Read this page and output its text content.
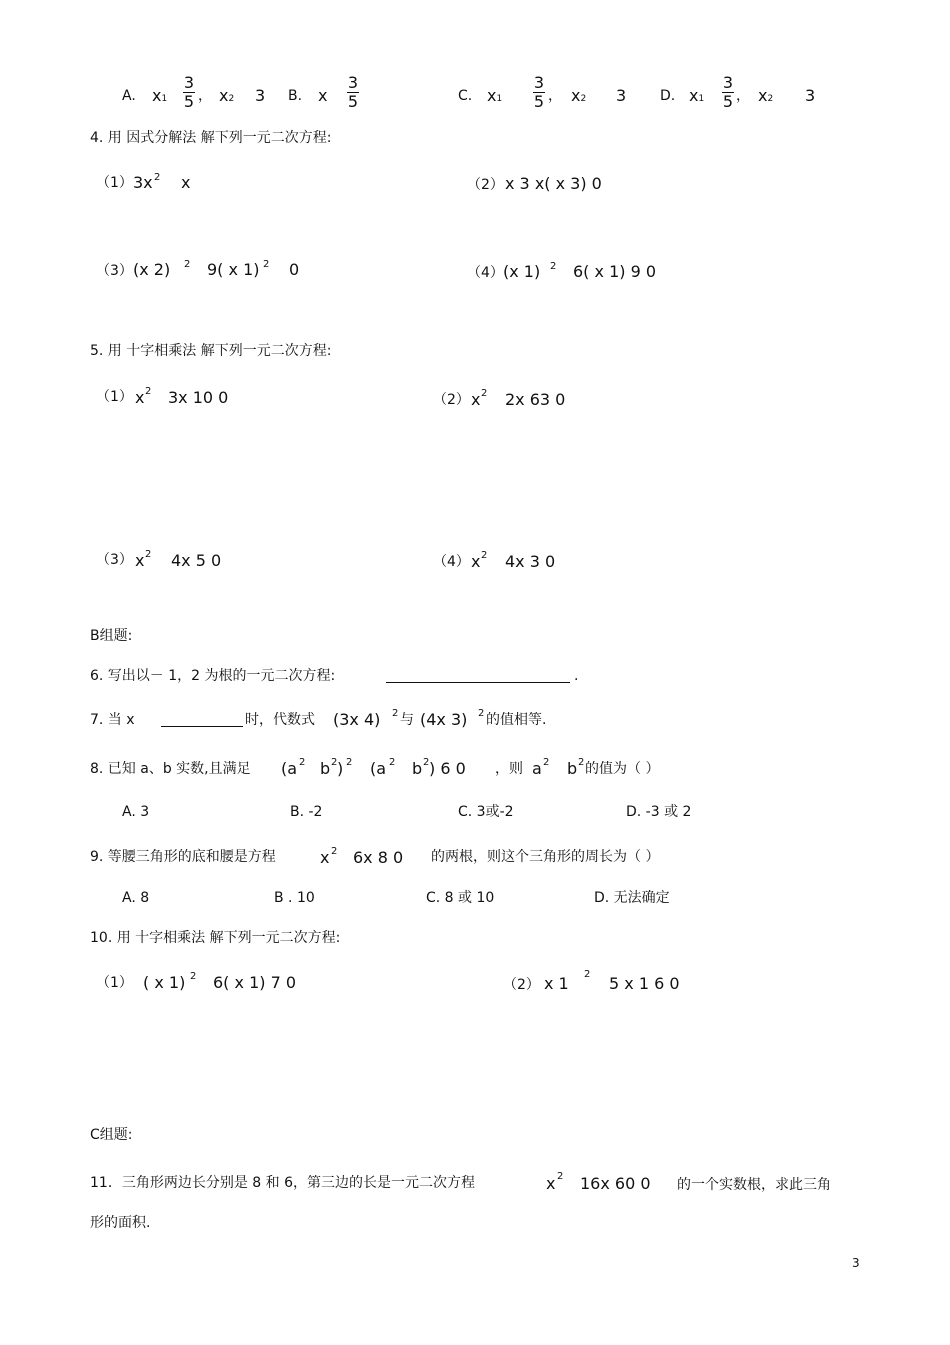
A. x1
3
5 ， x2 3 B. x
3
5	C. x1
3
5 ， x2 3 D. x1
3
5 ， x2 3
4. 用 因式分解法 解下列一元二次方程:
（1） 3x 2 x	（2） x 3 x( x 3) 0
（3） (x 2) 2 9( x 1) 2 0	（4） (x 1) 2 6( x 1) 9 0
5. 用 十字相乘法 解下列一元二次方程:
（1） x 2 3x 10 0	（2） x 2 2x 63 0
（3） x 2 4x 5 0	（4） x 2 4x 3 0
B组题:
6. 写出以－ 1，2 为根的一元二次方程:	.
7. 当 x	时，代数式 (3x 4) 2 与 (4x 3) 2 的值相等.
8. 已知 a、b 实数,且满足 (a 2 b 2 ) 2 (a 2 b 2 ) 6 0 ，则 a 2 b 2 的值为（ ）
A. 3	B. -2	C. 3或-2	D. -3 或 2
9. 等腰三角形的底和腰是方程	x 2 6x 8 0 的两根，则这个三角形的周长为（ ）
A. 8	B . 10	C. 8 或 10	D. 无法确定
10. 用 十字相乘法 解下列一元二次方程:
（1） ( x 1) 2 6( x 1) 7 0	（2） x 1 2 5 x 1 6 0
C组题:
11．三角形两边长分别是 8 和 6，第三边的长是一元二次方程	x 2 16x 60 0 的一个实数根，求此三角
形的面积.
3
